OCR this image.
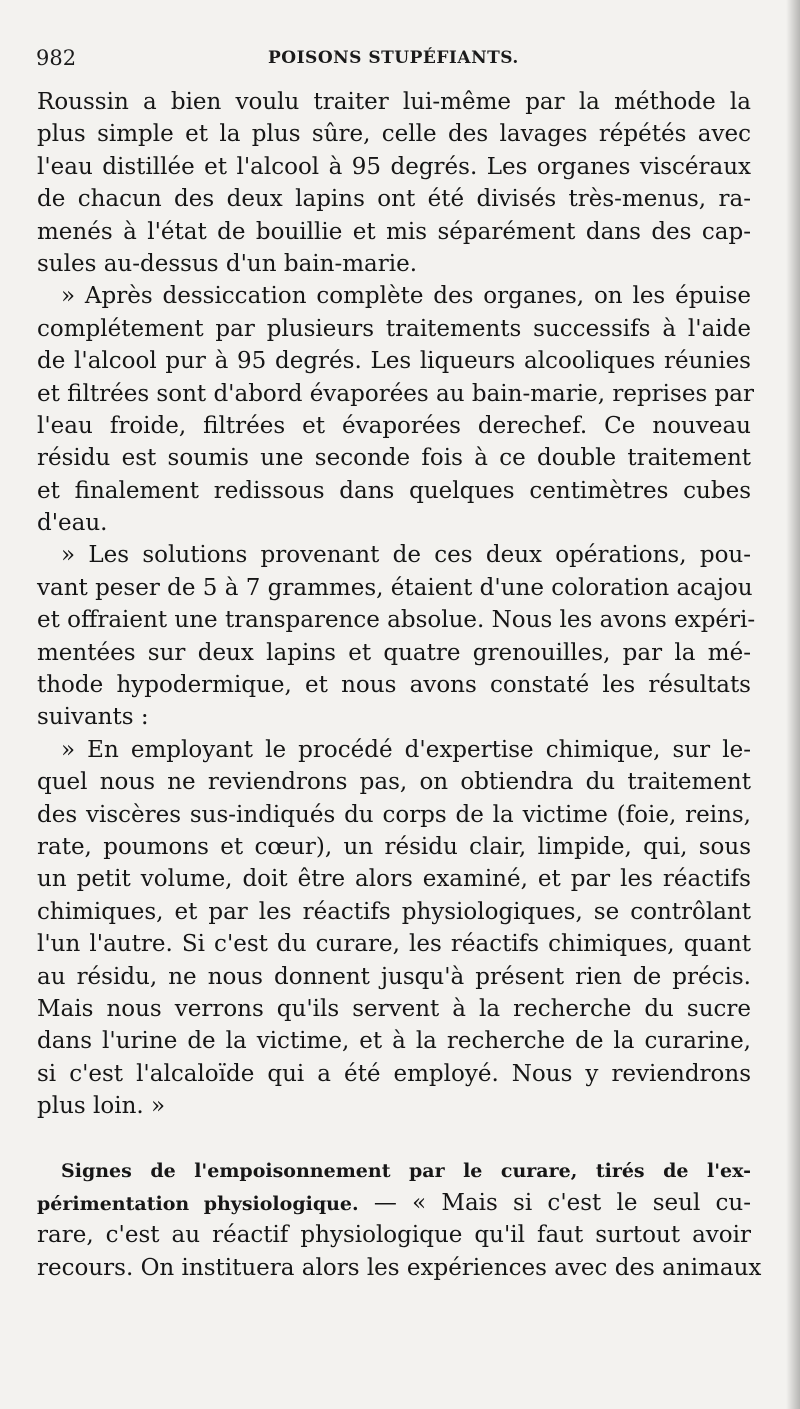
982	POISONS STUPÉFIANTS.
Roussin a bien voulu traiter lui-même par la méthode la
plus simple et la plus sûre, celle des lavages répétés avec
l'eau distillée et l'alcool à 95 degrés. Les organes viscéraux
de chacun des deux lapins ont été divisés très-menus, ra-
menés à l'état de bouillie et mis séparément dans des cap-
sules au-dessus d'un bain-marie.
» Après dessiccation complète des organes, on les épuise
complétement par plusieurs traitements successifs à l'aide
de l'alcool pur à 95 degrés. Les liqueurs alcooliques réunies
et filtrées sont d'abord évaporées au bain-marie, reprises par
l'eau froide, filtrées et évaporées derechef. Ce nouveau
résidu est soumis une seconde fois à ce double traitement
et finalement redissous dans quelques centimètres cubes
d'eau.
» Les solutions provenant de ces deux opérations, pou-
vant peser de 5 à 7 grammes, étaient d'une coloration acajou
et offraient une transparence absolue. Nous les avons expéri-
mentées sur deux lapins et quatre grenouilles, par la mé-
thode hypodermique, et nous avons constaté les résultats
suivants :
» En employant le procédé d'expertise chimique, sur le-
quel nous ne reviendrons pas, on obtiendra du traitement
des viscères sus-indiqués du corps de la victime (foie, reins,
rate, poumons et cœur), un résidu clair, limpide, qui, sous
un petit volume, doit être alors examiné, et par les réactifs
chimiques, et par les réactifs physiologiques, se contrôlant
l'un l'autre. Si c'est du curare, les réactifs chimiques, quant
au résidu, ne nous donnent jusqu'à présent rien de précis.
Mais nous verrons qu'ils servent à la recherche du sucre
dans l'urine de la victime, et à la recherche de la curarine,
si c'est l'alcaloïde qui a été employé. Nous y reviendrons
plus loin. »
Signes de l'empoisonnement par le curare, tirés de l'ex-
périmentation physiologique. — « Mais si c'est le seul cu-
rare, c'est au réactif physiologique qu'il faut surtout avoir
recours. On instituera alors les expériences avec des animaux
